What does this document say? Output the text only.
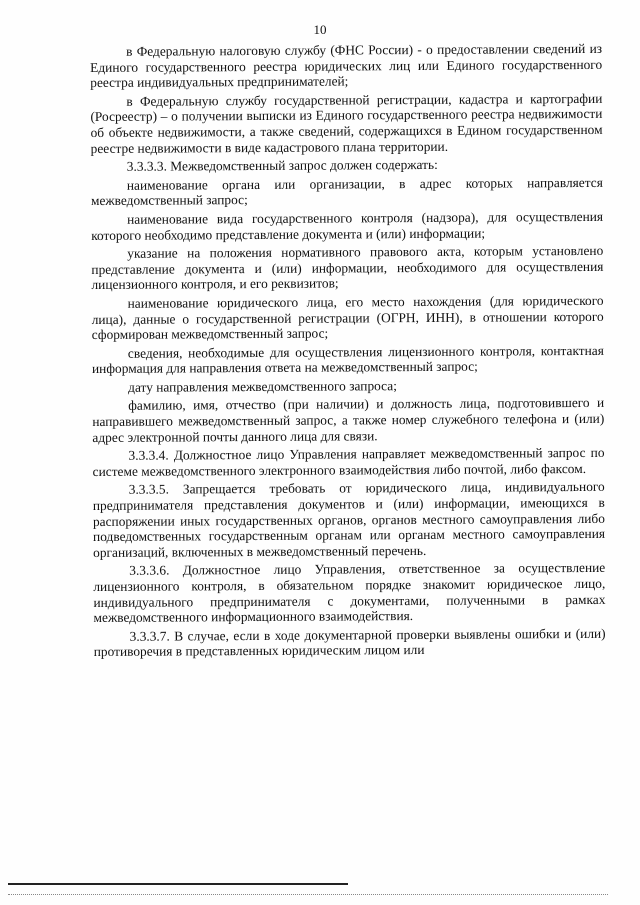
10

в Федеральную налоговую службу (ФНС России) - о предоставлении сведений из Единого государственного реестра юридических лиц или Единого государственного реестра индивидуальных предпринимателей;

в Федеральную службу государственной регистрации, кадастра и картографии (Росреестр) – о получении выписки из Единого государственного реестра недвижимости об объекте недвижимости, а также сведений, содержащихся в Едином государственном реестре недвижимости в виде кадастрового плана территории.

3.3.3.3. Межведомственный запрос должен содержать:

наименование органа или организации, в адрес которых направляется межведомственный запрос;

наименование вида государственного контроля (надзора), для осуществления которого необходимо представление документа и (или) информации;

указание на положения нормативного правового акта, которым установлено представление документа и (или) информации, необходимого для осуществления лицензионного контроля, и его реквизитов;

наименование юридического лица, его место нахождения (для юридического лица), данные о государственной регистрации (ОГРН, ИНН), в отношении которого сформирован межведомственный запрос;

сведения, необходимые для осуществления лицензионного контроля, контактная информация для направления ответа на межведомственный запрос;

дату направления межведомственного запроса;

фамилию, имя, отчество (при наличии) и должность лица, подготовившего и направившего межведомственный запрос, а также номер служебного телефона и (или) адрес электронной почты данного лица для связи.

3.3.3.4. Должностное лицо Управления направляет межведомственный запрос по системе межведомственного электронного взаимодействия либо почтой, либо факсом.

3.3.3.5. Запрещается требовать от юридического лица, индивидуального предпринимателя представления документов и (или) информации, имеющихся в распоряжении иных государственных органов, органов местного самоуправления либо подведомственных государственным органам или органам местного самоуправления организаций, включенных в межведомственный перечень.

3.3.3.6. Должностное лицо Управления, ответственное за осуществление лицензионного контроля, в обязательном порядке знакомит юридическое лицо, индивидуального предпринимателя с документами, полученными в рамках межведомственного информационного взаимодействия.

3.3.3.7. В случае, если в ходе документарной проверки выявлены ошибки и (или) противоречия в представленных юридическим лицом или
